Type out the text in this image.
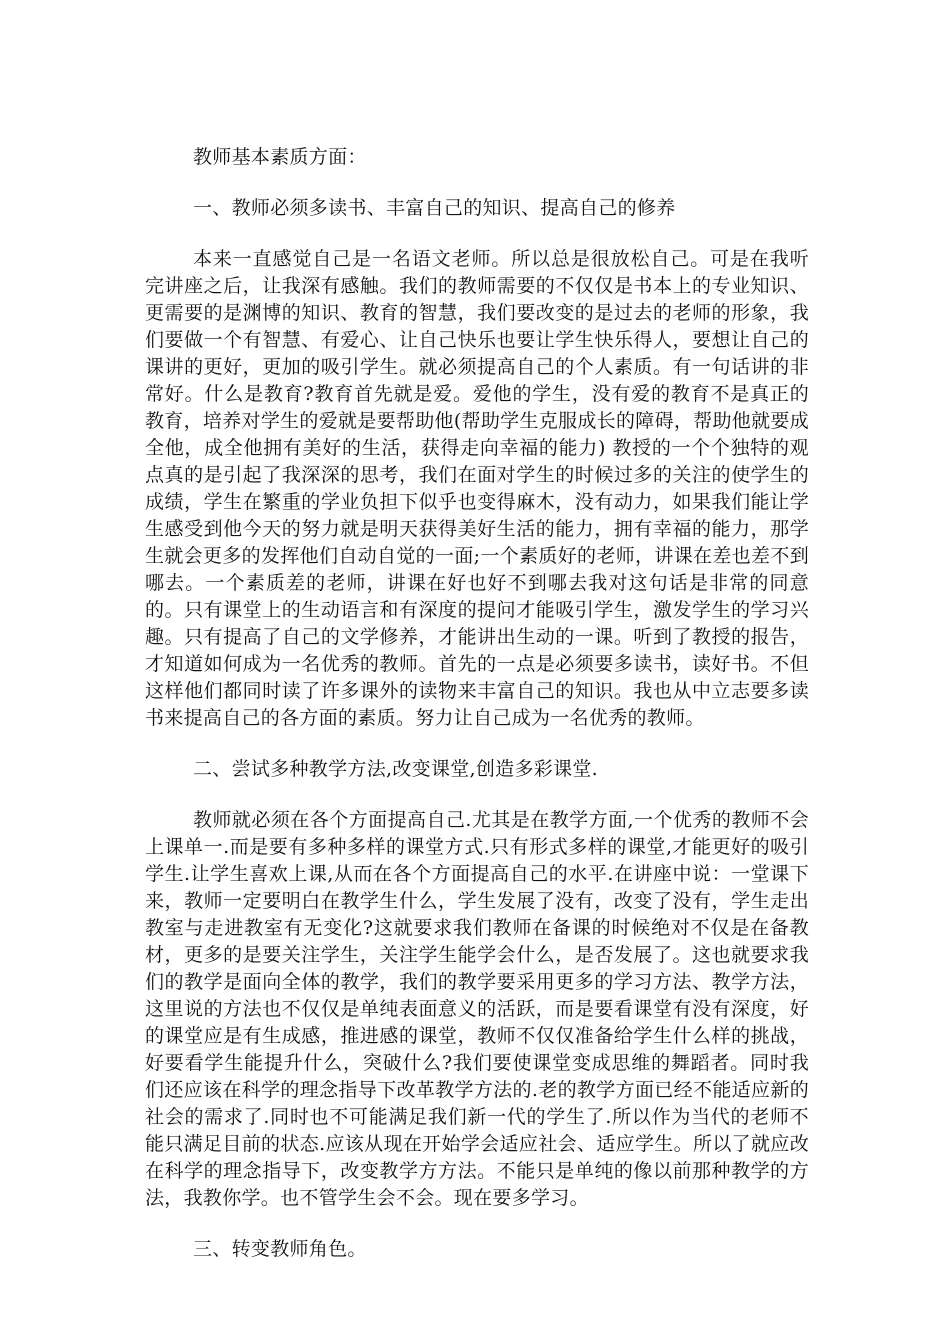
教师基本素质方面：
一、教师必须多读书、丰富自己的知识、提高自己的修养
本来一直感觉自己是一名语文老师。所以总是很放松自己。可是在我听完讲座之后，让我深有感触。我们的教师需要的不仅仅是书本上的专业知识、更需要的是渊博的知识、教育的智慧，我们要改变的是过去的老师的形象，我们要做一个有智慧、有爱心、让自己快乐也要让学生快乐得人，要想让自己的课讲的更好，更加的吸引学生。就必须提高自己的个人素质。有一句话讲的非常好。什么是教育?教育首先就是爱。爱他的学生，没有爱的教育不是真正的教育，培养对学生的爱就是要帮助他(帮助学生克服成长的障碍，帮助他就要成全他，成全他拥有美好的生活，获得走向幸福的能力) 教授的一个个独特的观点真的是引起了我深深的思考，我们在面对学生的时候过多的关注的使学生的成绩，学生在繁重的学业负担下似乎也变得麻木，没有动力，如果我们能让学生感受到他今天的努力就是明天获得美好生活的能力，拥有幸福的能力，那学生就会更多的发挥他们自动自觉的一面;一个素质好的老师，讲课在差也差不到哪去。一个素质差的老师，讲课在好也好不到哪去我对这句话是非常的同意的。只有课堂上的生动语言和有深度的提问才能吸引学生，激发学生的学习兴趣。只有提高了自己的文学修养，才能讲出生动的一课。听到了教授的报告，才知道如何成为一名优秀的教师。首先的一点是必须要多读书，读好书。不但这样他们都同时读了许多课外的读物来丰富自己的知识。我也从中立志要多读书来提高自己的各方面的素质。努力让自己成为一名优秀的教师。
二、尝试多种教学方法,改变课堂,创造多彩课堂.
教师就必须在各个方面提高自己.尤其是在教学方面,一个优秀的教师不会上课单一.而是要有多种多样的课堂方式.只有形式多样的课堂,才能更好的吸引学生.让学生喜欢上课,从而在各个方面提高自己的水平.在讲座中说：一堂课下来，教师一定要明白在教学生什么，学生发展了没有，改变了没有，学生走出教室与走进教室有无变化?这就要求我们教师在备课的时候绝对不仅是在备教材，更多的是要关注学生，关注学生能学会什么，是否发展了。这也就要求我们的教学是面向全体的教学，我们的教学要采用更多的学习方法、教学方法，这里说的方法也不仅仅是单纯表面意义的活跃，而是要看课堂有没有深度，好的课堂应是有生成感，推进感的课堂，教师不仅仅准备给学生什么样的挑战，好要看学生能提升什么，突破什么?我们要使课堂变成思维的舞蹈者。同时我们还应该在科学的理念指导下改革教学方法的.老的教学方面已经不能适应新的社会的需求了.同时也不可能满足我们新一代的学生了.所以作为当代的老师不能只满足目前的状态.应该从现在开始学会适应社会、适应学生。所以了就应改在科学的理念指导下，改变教学方方法。不能只是单纯的像以前那种教学的方法，我教你学。也不管学生会不会。现在要多学习。
三、转变教师角色。
